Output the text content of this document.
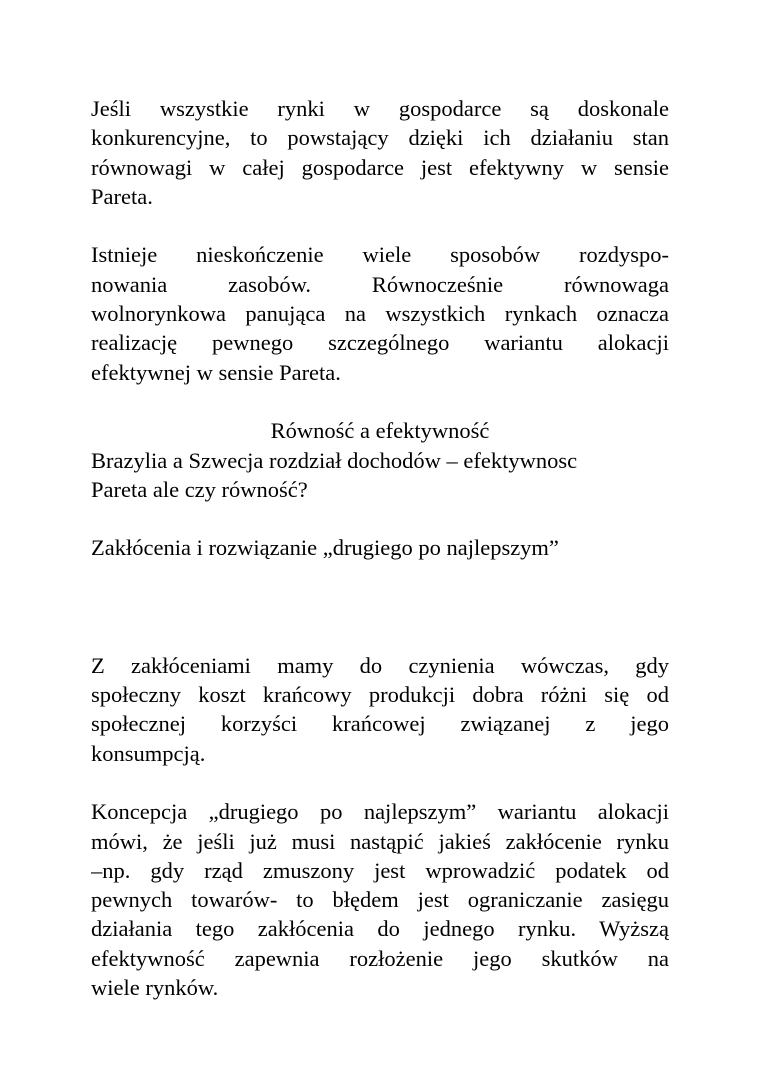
Jeśli wszystkie rynki w gospodarce są doskonale
konkurencyjne, to powstający dzięki ich działaniu stan
równowagi w całej gospodarce jest efektywny w sensie
Pareta.
Istnieje nieskończenie wiele sposobów rozdyspo-
nowania zasobów. Równocześnie równowaga
wolnorynkowa panująca na wszystkich rynkach oznacza
realizację pewnego szczególnego wariantu alokacji
efektywnej w sensie Pareta.
Równość a efektywność
Brazylia a Szwecja rozdział dochodów – efektywnosc
Pareta ale czy równość?
Zakłócenia i rozwiązanie „drugiego po najlepszym”
Z zakłóceniami mamy do czynienia wówczas, gdy
społeczny koszt krańcowy produkcji dobra różni się od
społecznej korzyści krańcowej związanej z jego
konsumpcją.
Koncepcja „drugiego po najlepszym” wariantu alokacji
mówi, że jeśli już musi nastąpić jakieś zakłócenie rynku
–np. gdy rząd zmuszony jest wprowadzić podatek od
pewnych towarów- to błędem jest ograniczanie zasięgu
działania tego zakłócenia do jednego rynku. Wyższą
efektywność zapewnia rozłożenie jego skutków na
wiele rynków.
